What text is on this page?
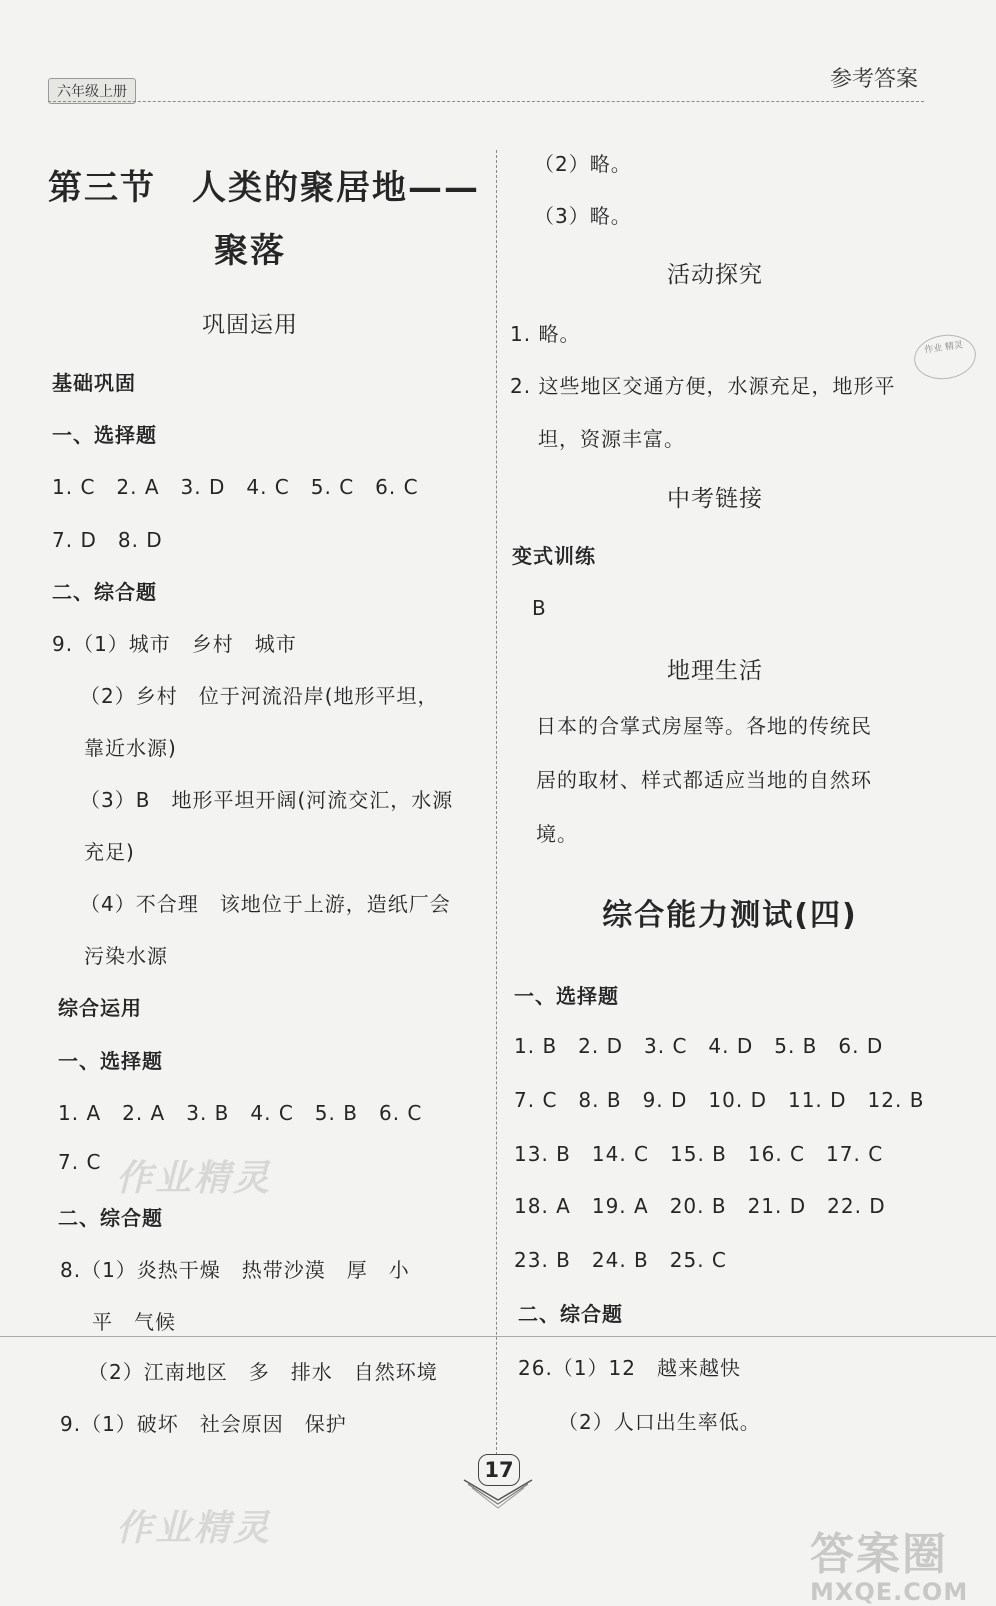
六年级上册	参考答案
第三节　人类的聚居地——
聚落
巩固运用
基础巩固
一、选择题
1. C　2. A　3. D　4. C　5. C　6. C
7. D　8. D
二、综合题
9.（1）城市　乡村　城市
（2）乡村　位于河流沿岸(地形平坦，
靠近水源)
（3）B　地形平坦开阔(河流交汇，水源
充足)
（4）不合理　该地位于上游，造纸厂会
污染水源
综合运用
一、选择题
1. A　2. A　3. B　4. C　5. B　6. C
7. C
二、综合题
8.（1）炎热干燥　热带沙漠　厚　小
平　气候
（2）江南地区　多　排水　自然环境
9.（1）破坏　社会原因　保护
（2）略。
（3）略。
活动探究
1. 略。
2. 这些地区交通方便，水源充足，地形平
坦，资源丰富。
中考链接
变式训练
B
地理生活
日本的合掌式房屋等。各地的传统民
居的取材、样式都适应当地的自然环
境。
综合能力测试(四)
一、选择题
1. B　2. D　3. C　4. D　5. B　6. D
7. C　8. B　9. D　10. D　11. D　12. B
13. B　14. C　15. B　16. C　17. C
18. A　19. A　20. B　21. D　22. D
23. B　24. B　25. C
二、综合题
26.（1）12　越来越快
（2）人口出生率低。
作业 精灵
作业精灵
作业精灵
17
答案圈
MXQE.COM
